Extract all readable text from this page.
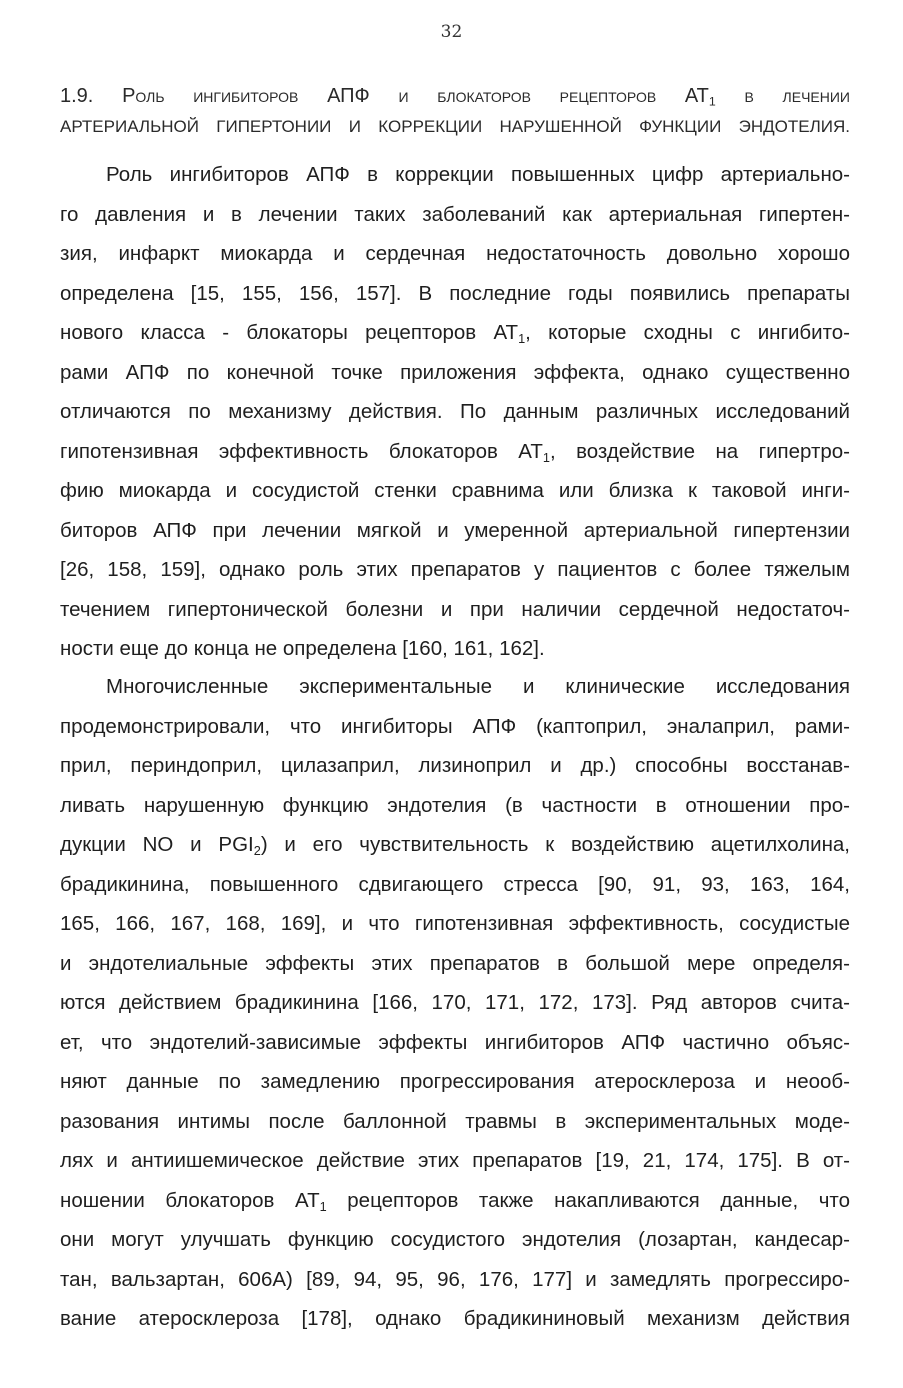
32
1.9. Роль ингибиторов АПФ и блокаторов рецепторов $АТ_1$ в лечении
АРТЕРИАЛЬНОЙ ГИПЕРТОНИИ И КОРРЕКЦИИ НАРУШЕННОЙ ФУНКЦИИ ЭНДОТЕЛИЯ.
Роль ингибиторов АПФ в коррекции повышенных цифр артериально-
го давления и в лечении таких заболеваний как артериальная гипертен-
зия, инфаркт миокарда и сердечная недостаточность довольно хорошо
определена [15, 155, 156, 157]. В последние годы появились препараты
нового класса - блокаторы рецепторов $АТ_1$, которые сходны с ингибито-
рами АПФ по конечной точке приложения эффекта, однако существенно
отличаются по механизму действия. По данным различных исследований
гипотензивная эффективность блокаторов $АТ_1$, воздействие на гипертро-
фию миокарда и сосудистой стенки сравнима или близка к таковой инги-
биторов АПФ при лечении мягкой и умеренной артериальной гипертензии
[26, 158, 159], однако роль этих препаратов у пациентов с более тяжелым
течением гипертонической болезни и при наличии сердечной недостаточ-
ности еще до конца не определена [160, 161, 162].
Многочисленные экспериментальные и клинические исследования
продемонстрировали, что ингибиторы АПФ (каптоприл, эналаприл, рами-
прил, периндоприл, цилазаприл, лизиноприл и др.) способны восстанав-
ливать нарушенную функцию эндотелия (в частности в отношении про-
дукции NO и $PGI_2$) и его чувствительность к воздействию ацетилхолина,
брадикинина, повышенного сдвигающего стресса [90, 91, 93, 163, 164,
165, 166, 167, 168, 169], и что гипотензивная эффективность, сосудистые
и эндотелиальные эффекты этих препаратов в большой мере определя-
ются действием брадикинина [166, 170, 171, 172, 173]. Ряд авторов счита-
ет, что эндотелий-зависимые эффекты ингибиторов АПФ частично объяс-
няют данные по замедлению прогрессирования атеросклероза и неооб-
разования интимы после баллонной травмы в экспериментальных моде-
лях и антиишемическое действие этих препаратов [19, 21, 174, 175]. В от-
ношении блокаторов $АТ_1$ рецепторов также накапливаются данные, что
они могут улучшать функцию сосудистого эндотелия (лозартан, кандесар-
тан, вальзартан, 606А) [89, 94, 95, 96, 176, 177] и замедлять прогрессиро-
вание атеросклероза [178], однако брадикининовый механизм действия
